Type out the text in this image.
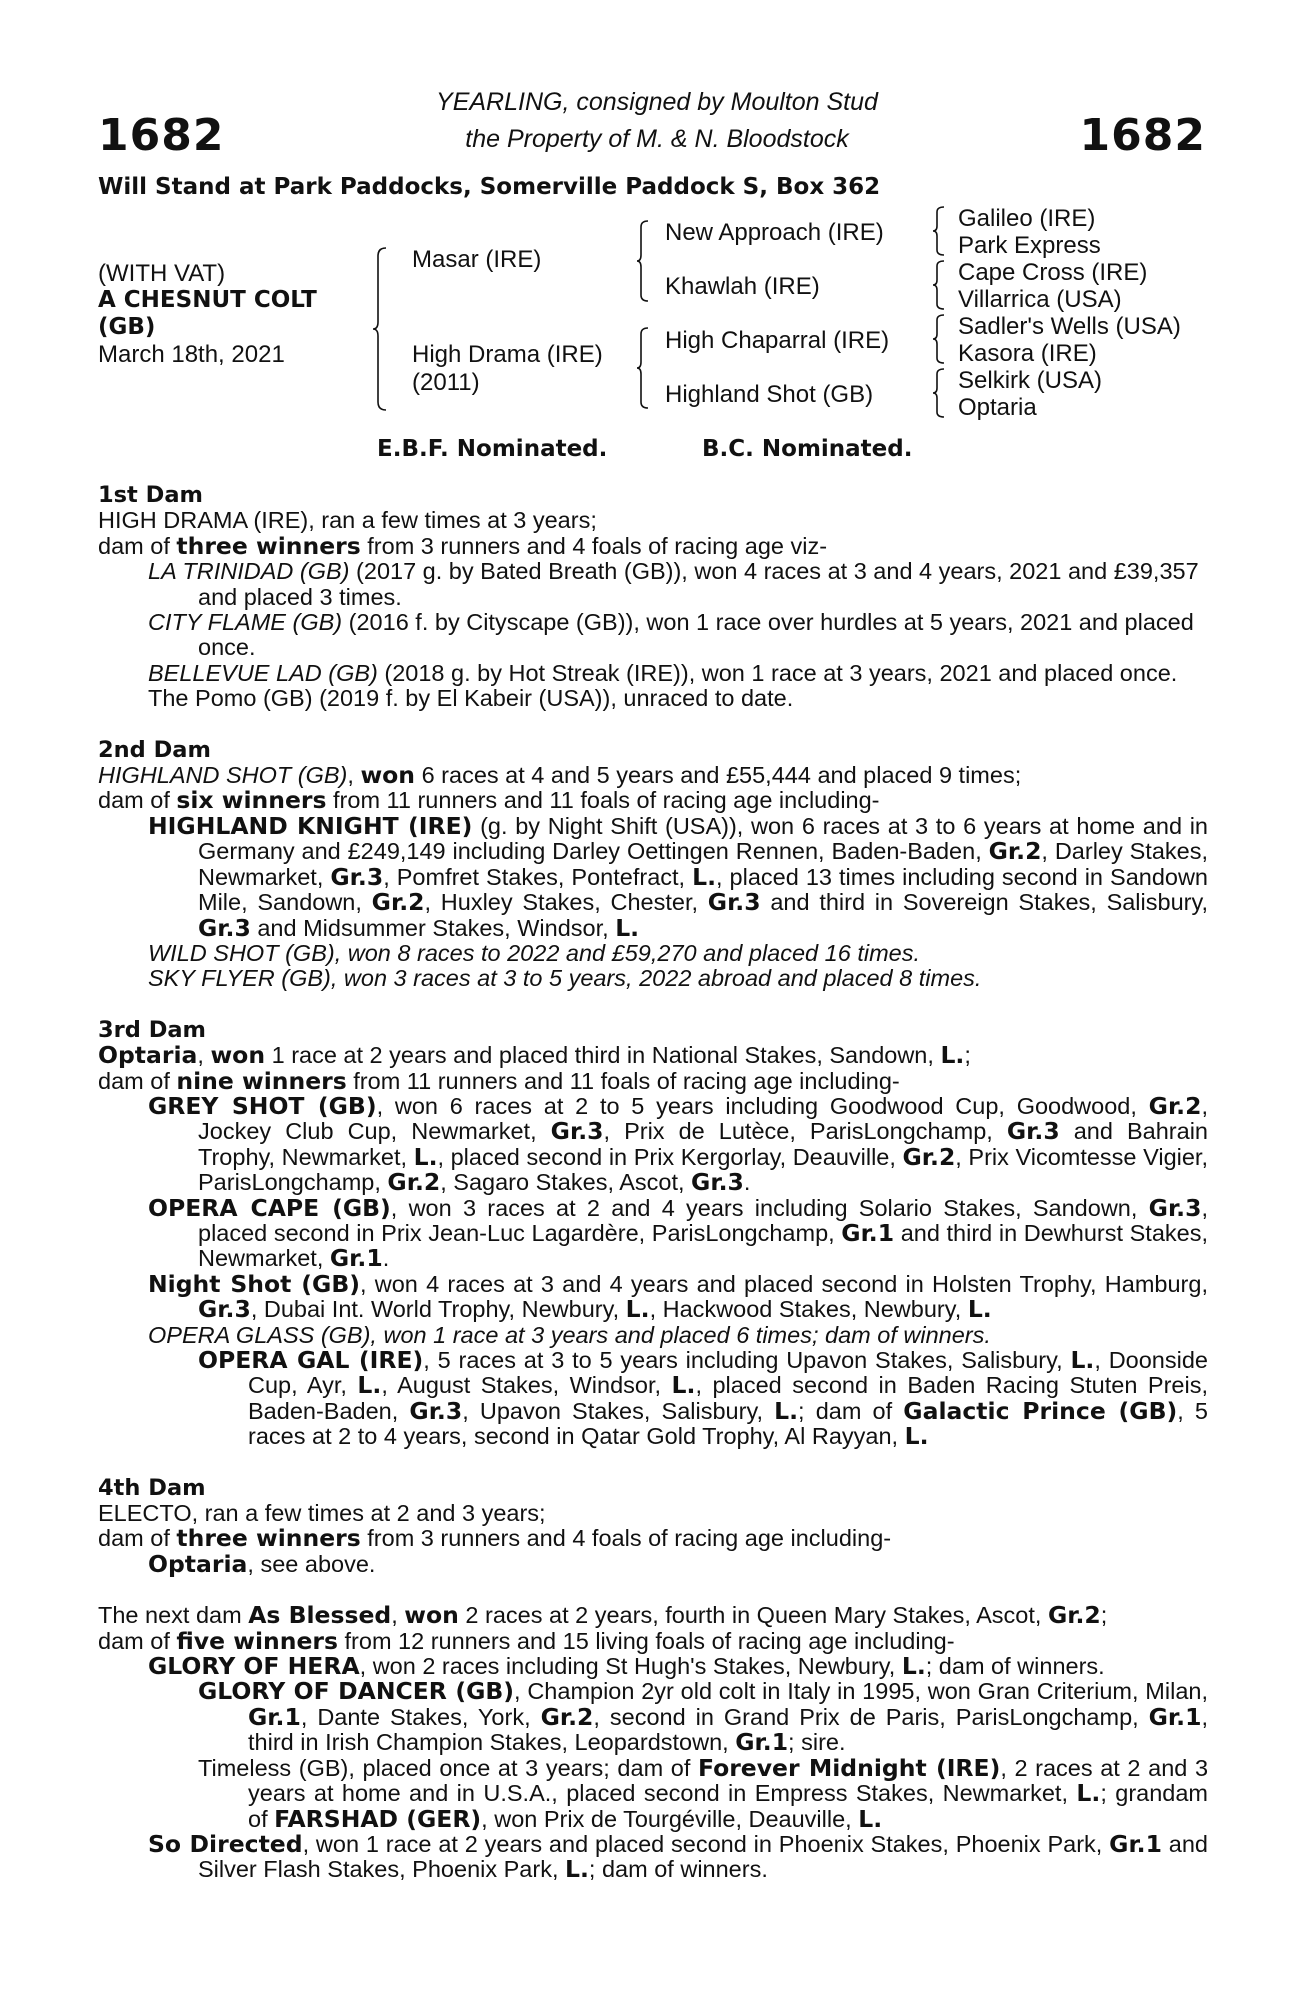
1682	1682
YEARLING, consigned by Moulton Stud
the Property of M. & N. Bloodstock
Will Stand at Park Paddocks, Somerville Paddock S, Box 362
(WITH VAT)
A CHESNUT COLT
(GB)
March 18th, 2021
Masar (IRE)
High Drama (IRE)
(2011)
New Approach (IRE)
Khawlah (IRE)
High Chaparral (IRE)
Highland Shot (GB)
Galileo (IRE)
Park Express
Cape Cross (IRE)
Villarrica (USA)
Sadler's Wells (USA)
Kasora (IRE)
Selkirk (USA)
Optaria
E.B.F. Nominated.	B.C. Nominated.
1st Dam

HIGH DRAMA (IRE), ran a few times at 3 years;

dam of three winners from 3 runners and 4 foals of racing age viz-

LA TRINIDAD (GB) (2017 g. by Bated Breath (GB)), won 4 races at 3 and 4 years, 2021 and £39,357 and placed 3 times.

CITY FLAME (GB) (2016 f. by Cityscape (GB)), won 1 race over hurdles at 5 years, 2021 and placed once.

BELLEVUE LAD (GB) (2018 g. by Hot Streak (IRE)), won 1 race at 3 years, 2021 and placed once.

The Pomo (GB) (2019 f. by El Kabeir (USA)), unraced to date.

2nd Dam

HIGHLAND SHOT (GB), won 6 races at 4 and 5 years and £55,444 and placed 9 times;

dam of six winners from 11 runners and 11 foals of racing age including-

HIGHLAND KNIGHT (IRE) (g. by Night Shift (USA)), won 6 races at 3 to 6 years at home and in Germany and £249,149 including Darley Oettingen Rennen, Baden-Baden, Gr.2, Darley Stakes, Newmarket, Gr.3, Pomfret Stakes, Pontefract, L., placed 13 times including second in Sandown Mile, Sandown, Gr.2, Huxley Stakes, Chester, Gr.3 and third in Sovereign Stakes, Salisbury, Gr.3 and Midsummer Stakes, Windsor, L.

WILD SHOT (GB), won 8 races to 2022 and £59,270 and placed 16 times.

SKY FLYER (GB), won 3 races at 3 to 5 years, 2022 abroad and placed 8 times.

3rd Dam

Optaria, won 1 race at 2 years and placed third in National Stakes, Sandown, L.;

dam of nine winners from 11 runners and 11 foals of racing age including-

GREY SHOT (GB), won 6 races at 2 to 5 years including Goodwood Cup, Goodwood, Gr.2, Jockey Club Cup, Newmarket, Gr.3, Prix de Lutèce, ParisLongchamp, Gr.3 and Bahrain Trophy, Newmarket, L., placed second in Prix Kergorlay, Deauville, Gr.2, Prix Vicomtesse Vigier, ParisLongchamp, Gr.2, Sagaro Stakes, Ascot, Gr.3.

OPERA CAPE (GB), won 3 races at 2 and 4 years including Solario Stakes, Sandown, Gr.3, placed second in Prix Jean-Luc Lagardère, ParisLongchamp, Gr.1 and third in Dewhurst Stakes, Newmarket, Gr.1.

Night Shot (GB), won 4 races at 3 and 4 years and placed second in Holsten Trophy, Hamburg, Gr.3, Dubai Int. World Trophy, Newbury, L., Hackwood Stakes, Newbury, L.

OPERA GLASS (GB), won 1 race at 3 years and placed 6 times; dam of winners.

OPERA GAL (IRE), 5 races at 3 to 5 years including Upavon Stakes, Salisbury, L., Doonside Cup, Ayr, L., August Stakes, Windsor, L., placed second in Baden Racing Stuten Preis, Baden-Baden, Gr.3, Upavon Stakes, Salisbury, L.; dam of Galactic Prince (GB), 5 races at 2 to 4 years, second in Qatar Gold Trophy, Al Rayyan, L.

4th Dam

ELECTO, ran a few times at 2 and 3 years;

dam of three winners from 3 runners and 4 foals of racing age including-

Optaria, see above.

The next dam As Blessed, won 2 races at 2 years, fourth in Queen Mary Stakes, Ascot, Gr.2;

dam of five winners from 12 runners and 15 living foals of racing age including-

GLORY OF HERA, won 2 races including St Hugh's Stakes, Newbury, L.; dam of winners.

GLORY OF DANCER (GB), Champion 2yr old colt in Italy in 1995, won Gran Criterium, Milan, Gr.1, Dante Stakes, York, Gr.2, second in Grand Prix de Paris, ParisLongchamp, Gr.1, third in Irish Champion Stakes, Leopardstown, Gr.1; sire.

Timeless (GB), placed once at 3 years; dam of Forever Midnight (IRE), 2 races at 2 and 3 years at home and in U.S.A., placed second in Empress Stakes, Newmarket, L.; grandam of FARSHAD (GER), won Prix de Tourgéville, Deauville, L.

So Directed, won 1 race at 2 years and placed second in Phoenix Stakes, Phoenix Park, Gr.1 and Silver Flash Stakes, Phoenix Park, L.; dam of winners.
